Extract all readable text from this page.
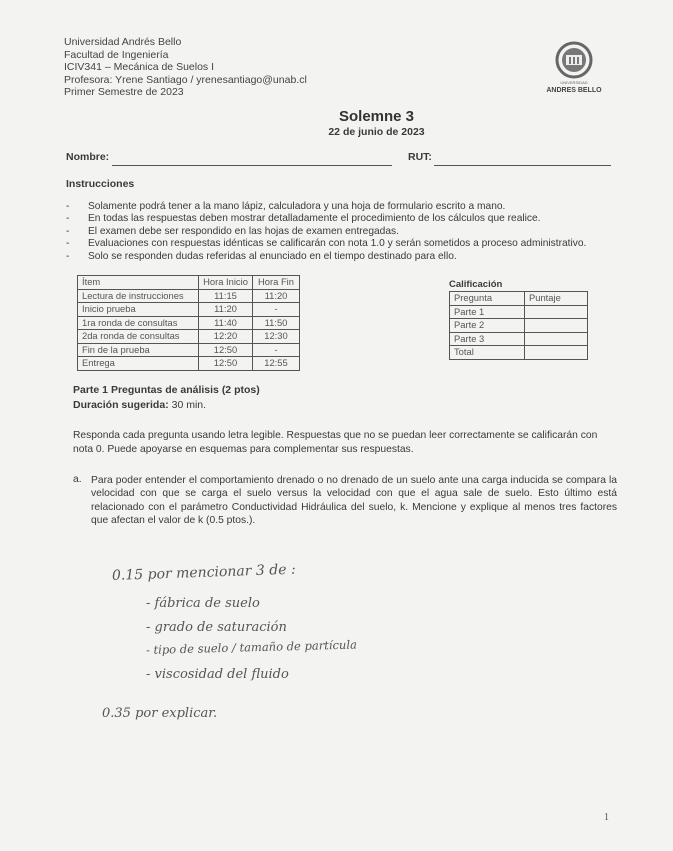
Universidad Andrés Bello
Facultad de Ingeniería
ICIV341 – Mecánica de Suelos I
Profesora: Yrene Santiago / yrenesantiago@unab.cl
Primer Semestre de 2023
UNIVERSIDAD
ANDRES BELLO
Solemne 3
22 de junio de 2023
Nombre:	RUT:
Instrucciones
-	Solamente podrá tener a la mano lápiz, calculadora y una hoja de formulario escrito a mano.
-	En todas las respuestas deben mostrar detalladamente el procedimiento de los cálculos que realice.
-	El examen debe ser respondido en las hojas de examen entregadas.
-	Evaluaciones con respuestas idénticas se calificarán con nota 1.0 y serán sometidos a proceso administrativo.
-	Solo se responden dudas referidas al enunciado en el tiempo destinado para ello.
Ítem	Hora Inicio	Hora Fin
Lectura de instrucciones	11:15	11:20
Inicio prueba	11:20	-
1ra ronda de consultas	11:40	11:50
2da ronda de consultas	12:20	12:30
Fin de la prueba	12:50	-
Entrega	12:50	12:55
Calificación
Pregunta	Puntaje
Parte 1	
Parte 2	
Parte 3	
Total	
Parte 1 Preguntas de análisis (2 ptos)
Duración sugerida: 30 min.
Responda cada pregunta usando letra legible. Respuestas que no se puedan leer correctamente se calificarán con nota 0. Puede apoyarse en esquemas para complementar sus respuestas.
a. Para poder entender el comportamiento drenado o no drenado de un suelo ante una carga inducida se compara la velocidad con que se carga el suelo versus la velocidad con que el agua sale de suelo. Esto último está relacionado con el parámetro Conductividad Hidráulica del suelo, k. Mencione y explique al menos tres factores que afectan el valor de k (0.5 ptos.).
0.15 por mencionar 3 de :
- fábrica de suelo
- grado de saturación
- tipo de suelo / tamaño de partícula
- viscosidad del fluido
0.35 por explicar.
1
